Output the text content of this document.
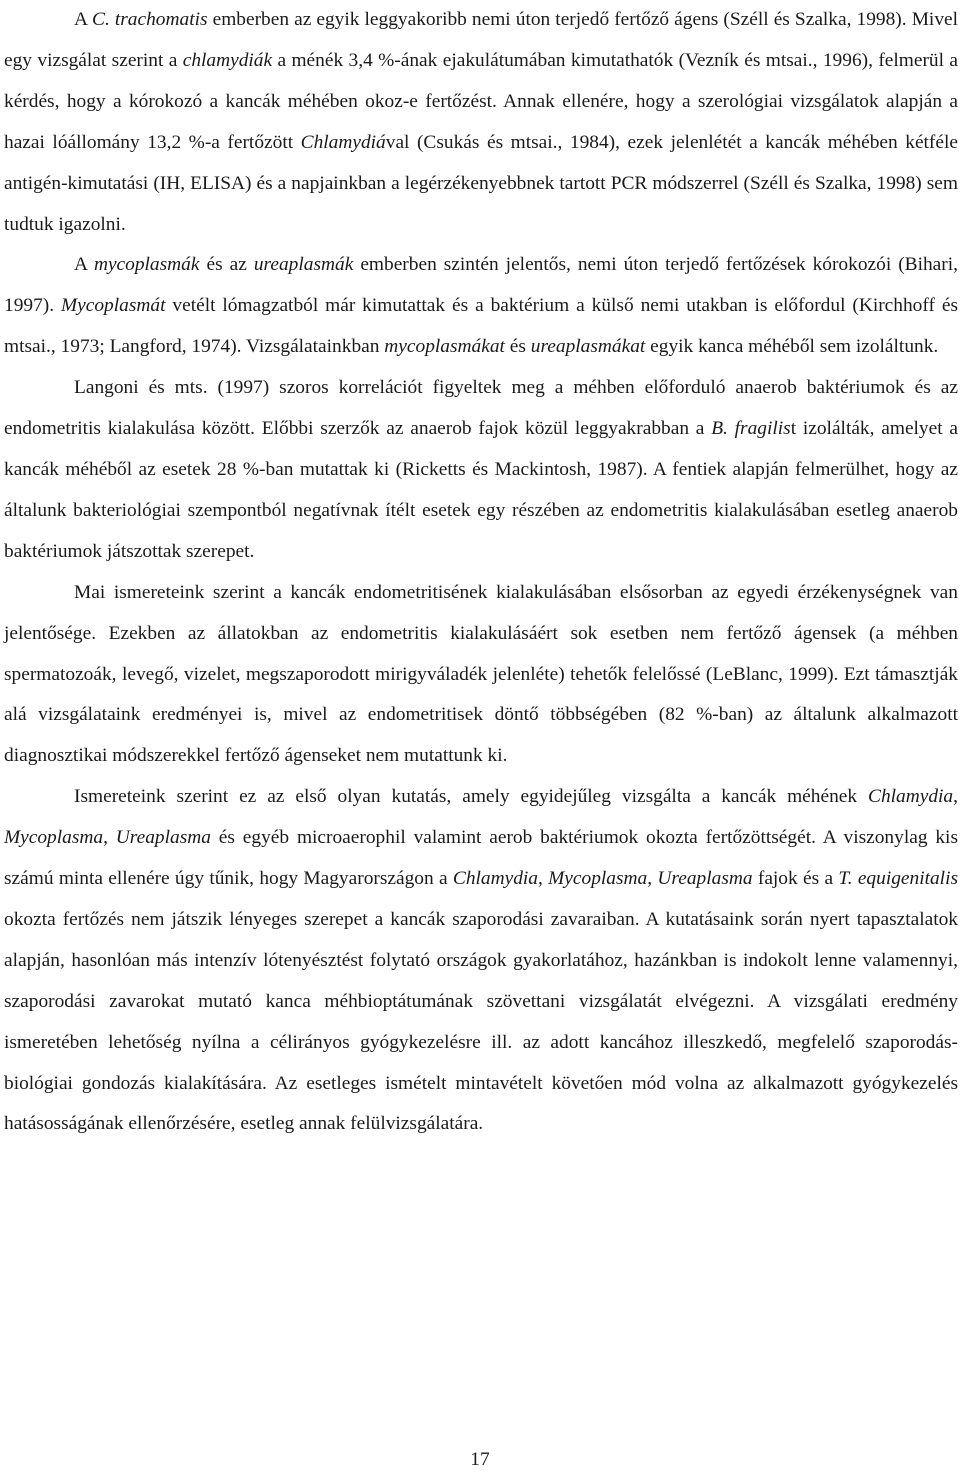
A C. trachomatis emberben az egyik leggyakoribb nemi úton terjedő fertőző ágens (Széll és Szalka, 1998). Mivel egy vizsgálat szerint a chlamydiák a ménék 3,4 %-ának ejakulátumában kimutathatók (Vezník és mtsai., 1996), felmerül a kérdés, hogy a kórokozó a kancák méhében okoz-e fertőzést. Annak ellenére, hogy a szerológiai vizsgálatok alapján a hazai lóállomány 13,2 %-a fertőzött Chlamydiával (Csukás és mtsai., 1984), ezek jelenlétét a kancák méhében kétféle antigén-kimutatási (IH, ELISA) és a napjainkban a legérzékenyebbnek tartott PCR módszerrel (Széll és Szalka, 1998) sem tudtuk igazolni.

A mycoplasmák és az ureaplasmák emberben szintén jelentős, nemi úton terjedő fertőzések kórokozói (Bihari, 1997). Mycoplasmát vetélt lómagzatból már kimutattak és a baktérium a külső nemi utakban is előfordul (Kirchhoff és mtsai., 1973; Langford, 1974). Vizsgálatainkban mycoplasmákat és ureaplasmákat egyik kanca méhéből sem izoláltunk.

Langoni és mts. (1997) szoros korrelációt figyeltek meg a méhben előforduló anaerob baktériumok és az endometritis kialakulása között. Előbbi szerzők az anaerob fajok közül leggyakrabban a B. fragilist izolálták, amelyet a kancák méhéből az esetek 28 %-ban mutattak ki (Ricketts és Mackintosh, 1987). A fentiek alapján felmerülhet, hogy az általunk bakteriológiai szempontból negatívnak ítélt esetek egy részében az endometritis kialakulásában esetleg anaerob baktériumok játszottak szerepet.

Mai ismereteink szerint a kancák endometritisének kialakulásában elsősorban az egyedi érzékenységnek van jelentősége. Ezekben az állatokban az endometritis kialakulásáért sok esetben nem fertőző ágensek (a méhben spermatozoák, levegő, vizelet, megszaporodott mirigyváladék jelenléte) tehetők felelőssé (LeBlanc, 1999). Ezt támasztják alá vizsgálataink eredményei is, mivel az endometritisek döntő többségében (82 %-ban) az általunk alkalmazott diagnosztikai módszerekkel fertőző ágenseket nem mutattunk ki.

Ismereteink szerint ez az első olyan kutatás, amely egyidejűleg vizsgálta a kancák méhének Chlamydia, Mycoplasma, Ureaplasma és egyéb microaerophil valamint aerob baktériumok okozta fertőzöttségét. A viszonylag kis számú minta ellenére úgy tűnik, hogy Magyarországon a Chlamydia, Mycoplasma, Ureaplasma fajok és a T. equigenitalis okozta fertőzés nem játszik lényeges szerepet a kancák szaporodási zavaraiban. A kutatásaink során nyert tapasztalatok alapján, hasonlóan más intenzív lótenyésztést folytató országok gyakorlatához, hazánkban is indokolt lenne valamennyi, szaporodási zavarokat mutató kanca méhbioptátumának szövettani vizsgálatát elvégezni. A vizsgálati eredmény ismeretében lehetőség nyílna a célirányos gyógykezelésre ill. az adott kancához illeszkedő, megfelelő szaporodás-biológiai gondozás kialakítására. Az esetleges ismételt mintavételt követően mód volna az alkalmazott gyógykezelés hatásosságának ellenőrzésére, esetleg annak felülvizsgálatára.

17
